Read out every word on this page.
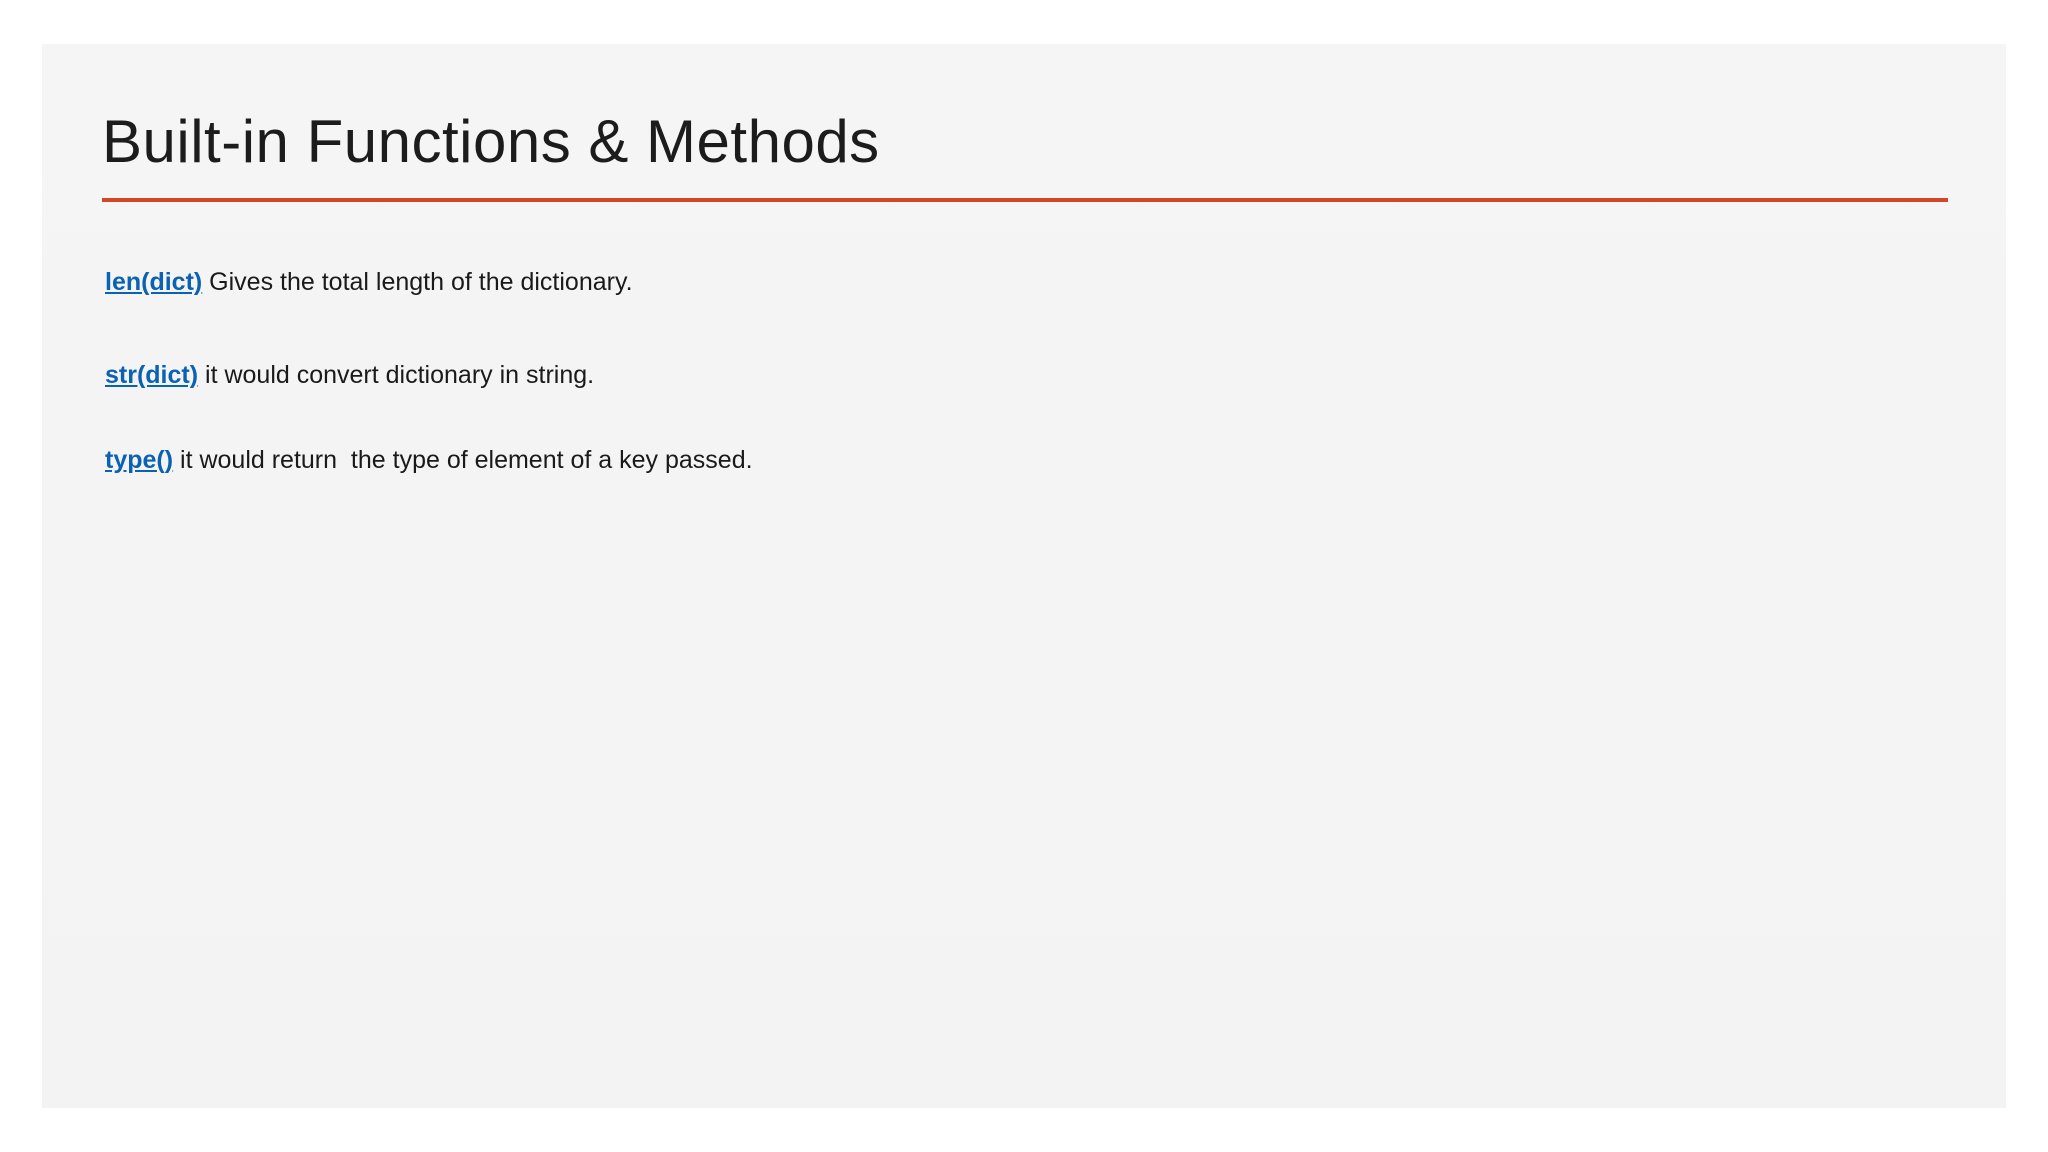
Built-in Functions & Methods

len(dict) Gives the total length of the dictionary.

str(dict) it would convert dictionary in string.

type() it would return  the type of element of a key passed.
